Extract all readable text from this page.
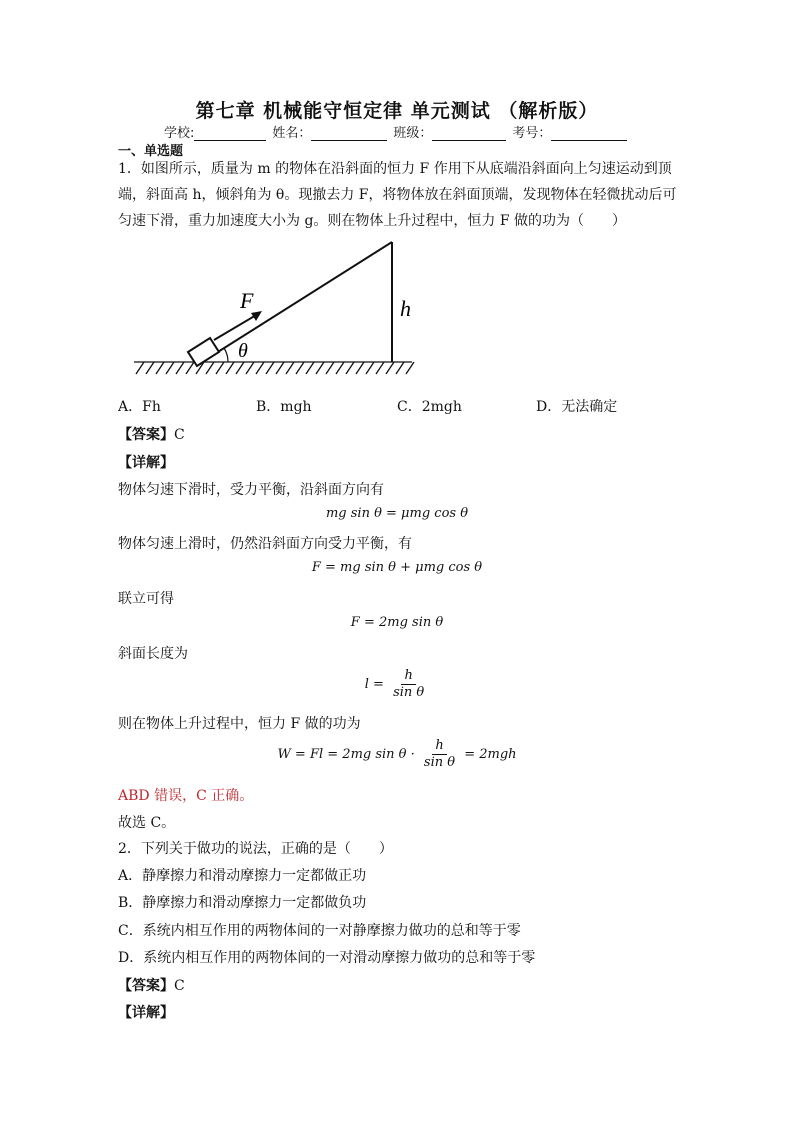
第七章 机械能守恒定律 单元测试 （解析版）
学校:	姓名：	班级：	考号：
一、单选题
1．如图所示，质量为 m 的物体在沿斜面的恒力 F 作用下从底端沿斜面向上匀速运动到顶
端，斜面高 h，倾斜角为 θ。现撤去力 F，将物体放在斜面顶端，发现物体在轻微扰动后可
匀速下滑，重力加速度大小为 g。则在物体上升过程中，恒力 F 做的功为（　　）
F
θ
h
A．Fh	B．mgh	C．2mgh	D．无法确定
【答案】C
【详解】
物体匀速下滑时，受力平衡，沿斜面方向有
mg sin θ = μmg cos θ
物体匀速上滑时，仍然沿斜面方向受力平衡，有
F = mg sin θ + μmg cos θ
联立可得
F = 2mg sin θ
斜面长度为
$l = \frac{h}{\text{sin θ}}$
则在物体上升过程中，恒力 F 做的功为
W = Fl = 2mg $\sin \theta \cdot \frac{h}{\text{sin θ}} = 2mgh$
ABD 错误，C 正确。
故选 C。
2．下列关于做功的说法，正确的是（　　）
A．静摩擦力和滑动摩擦力一定都做正功
B．静摩擦力和滑动摩擦力一定都做负功
C．系统内相互作用的两物体间的一对静摩擦力做功的总和等于零
D．系统内相互作用的两物体间的一对滑动摩擦力做功的总和等于零
【答案】C
【详解】
